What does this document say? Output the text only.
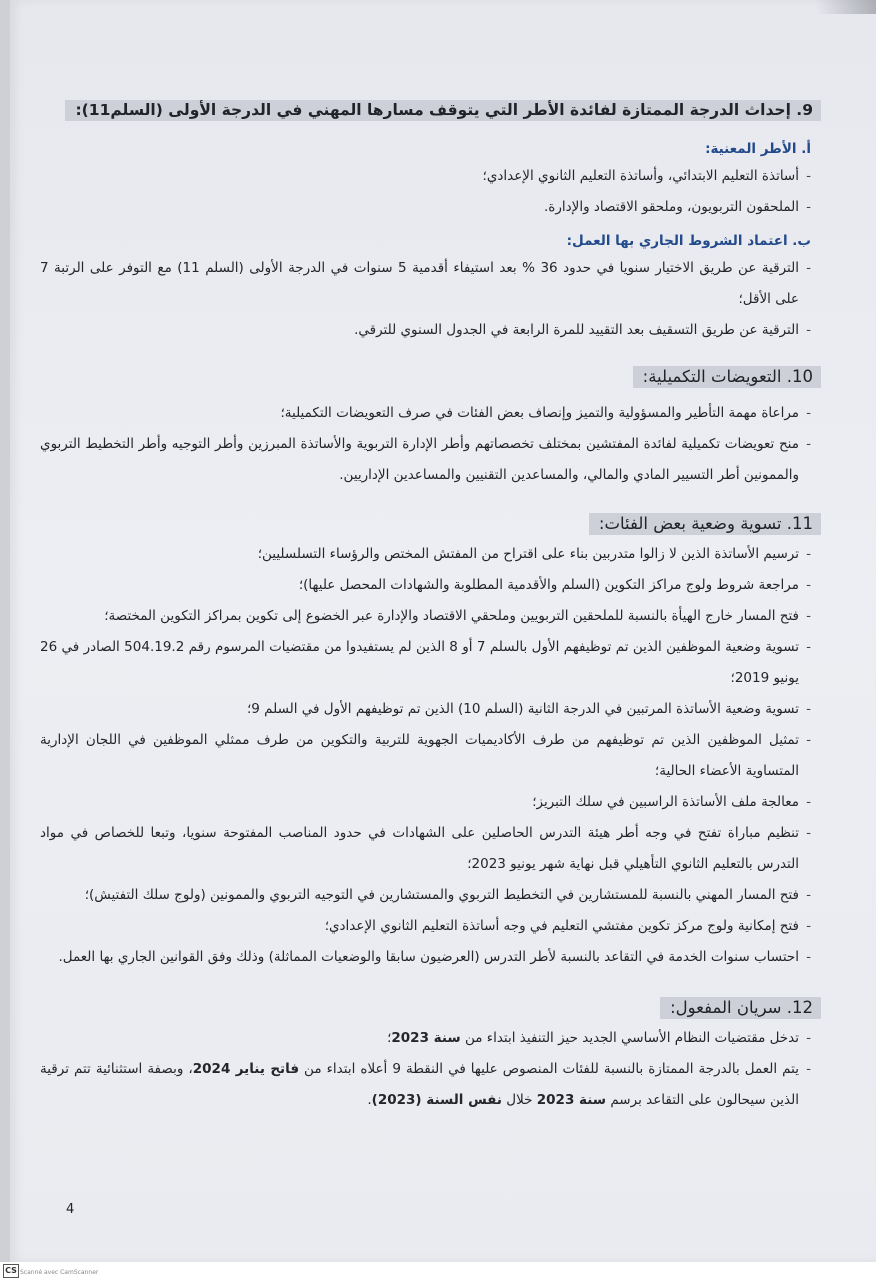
9. إحداث الدرجة الممتازة لفائدة الأطر التي يتوقف مسارها المهني في الدرجة الأولى (السلم11):
أ. الأطر المعنية:
- أساتذة التعليم الابتدائي، وأساتذة التعليم الثانوي الإعدادي؛
- الملحقون التربويون، وملحقو الاقتصاد والإدارة.
ب. اعتماد الشروط الجاري بها العمل:
- الترقية عن طريق الاختيار سنويا في حدود 36 % بعد استيفاء أقدمية 5 سنوات في الدرجة الأولى (السلم 11) مع التوفر على الرتبة 7 على الأقل؛
- الترقية عن طريق التسقيف بعد التقييد للمرة الرابعة في الجدول السنوي للترقي.
10. التعويضات التكميلية:
- مراعاة مهمة التأطير والمسؤولية والتميز وإنصاف بعض الفئات في صرف التعويضات التكميلية؛
- منح تعويضات تكميلية لفائدة المفتشين بمختلف تخصصاتهم وأطر الإدارة التربوية والأساتذة المبرزين وأطر التوجيه وأطر التخطيط التربوي والممونين أطر التسيير المادي والمالي، والمساعدين التقنيين والمساعدين الإداريين.
11. تسوية وضعية بعض الفئات:
- ترسيم الأساتذة الذين لا زالوا متدربين بناء على اقتراح من المفتش المختص والرؤساء التسلسليين؛
- مراجعة شروط ولوج مراكز التكوين (السلم والأقدمية المطلوبة والشهادات المحصل عليها)؛
- فتح المسار خارج الهيأة بالنسبة للملحقين التربويين وملحقي الاقتصاد والإدارة عبر الخضوع إلى تكوين بمراكز التكوين المختصة؛
- تسوية وضعية الموظفين الذين تم توظيفهم الأول بالسلم 7 أو 8 الذين لم يستفيدوا من مقتضيات المرسوم رقم 504.19.2 الصادر في 26 يونيو 2019؛
- تسوية وضعية الأساتذة المرتبين في الدرجة الثانية (السلم 10) الذين تم توظيفهم الأول في السلم 9؛
- تمثيل الموظفين الذين تم توظيفهم من طرف الأكاديميات الجهوية للتربية والتكوين من طرف ممثلي الموظفين في اللجان الإدارية المتساوية الأعضاء الحالية؛
- معالجة ملف الأساتذة الراسبين في سلك التبريز؛
- تنظيم مباراة تفتح في وجه أطر هيئة التدرس الحاصلين على الشهادات في حدود المناصب المفتوحة سنويا، وتبعا للخصاص في مواد التدرس بالتعليم الثانوي التأهيلي قبل نهاية شهر يونيو 2023؛
- فتح المسار المهني بالنسبة للمستشارين في التخطيط التربوي والمستشارين في التوجيه التربوي والممونين (ولوج سلك التفتيش)؛
- فتح إمكانية ولوج مركز تكوين مفتشي التعليم في وجه أساتذة التعليم الثانوي الإعدادي؛
- احتساب سنوات الخدمة في التقاعد بالنسبة لأطر التدرس (العرضيون سابقا والوضعيات المماثلة) وذلك وفق القوانين الجاري بها العمل.
12. سريان المفعول:
- تدخل مقتضيات النظام الأساسي الجديد حيز التنفيذ ابتداء من سنة 2023؛
- يتم العمل بالدرجة الممتازة بالنسبة للفئات المنصوص عليها في النقطة 9 أعلاه ابتداء من فاتح يناير 2024، وبصفة استثنائية تتم ترقية الذين سيحالون على التقاعد برسم سنة 2023 خلال نفس السنة (2023).
4
CS Scanné avec CamScanner
